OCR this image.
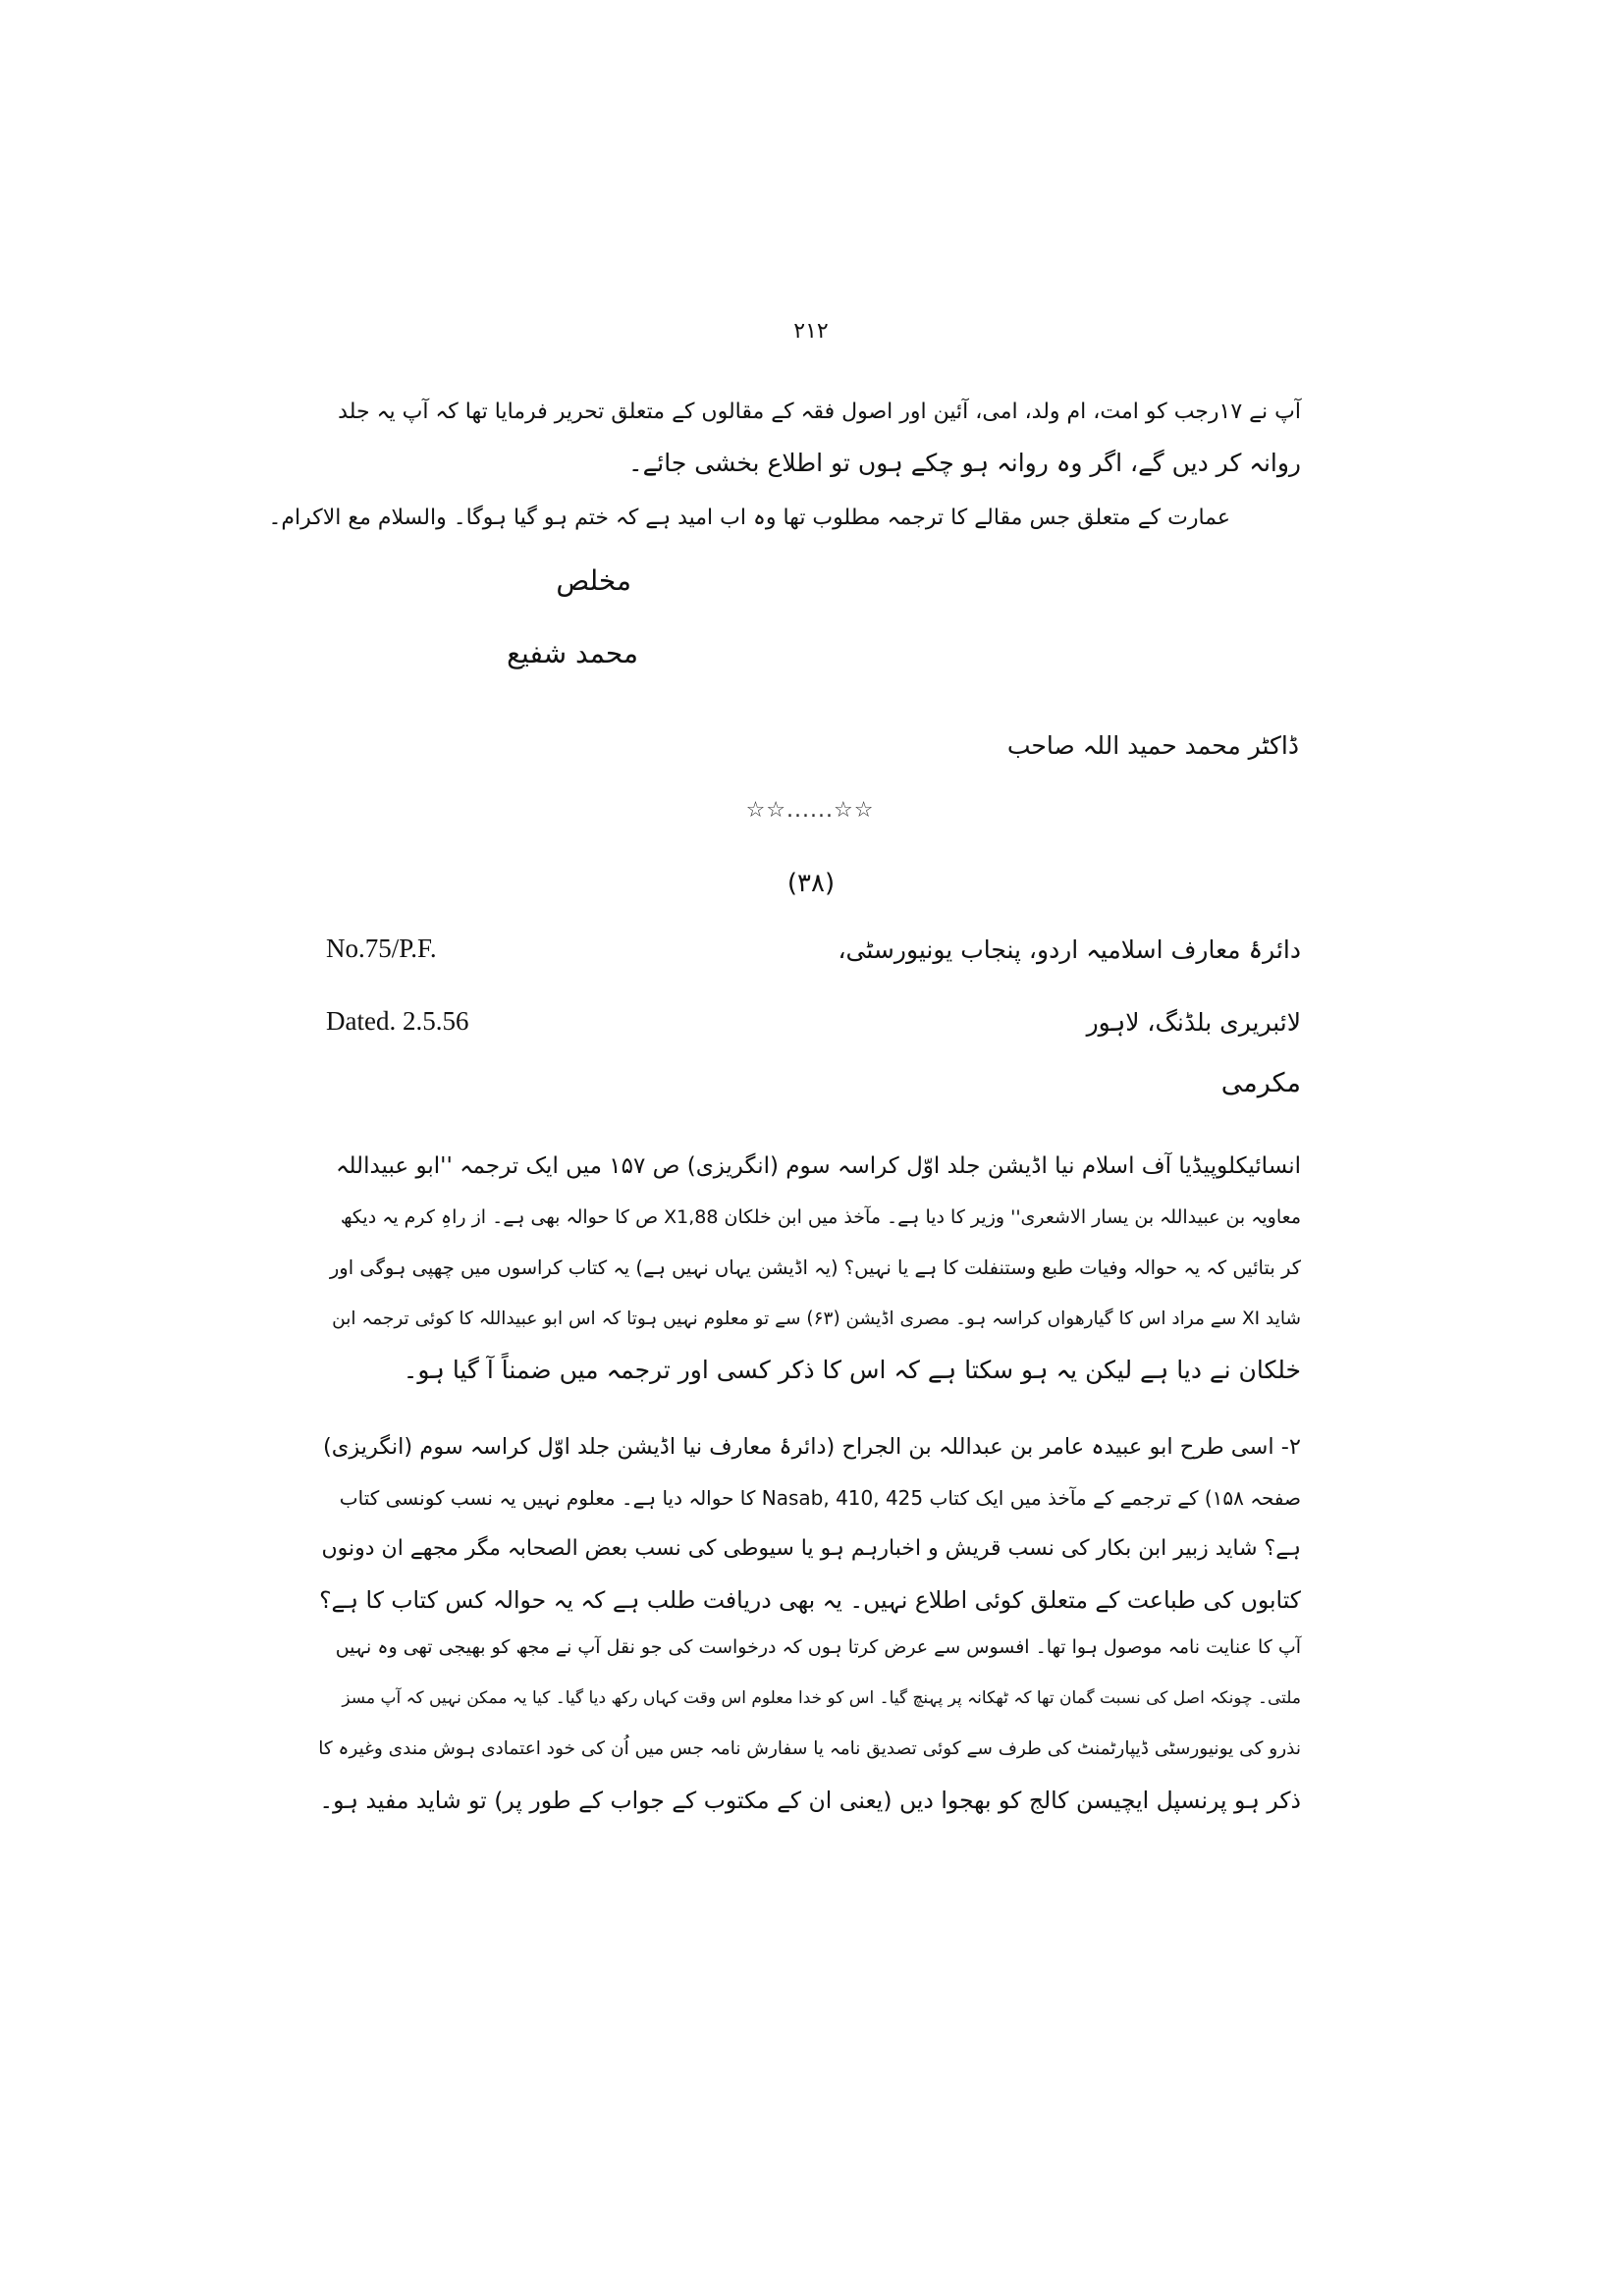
۲۱۲
آپ نے ۱۷رجب کو امت، ام ولد، امی، آئین اور اصول فقہ کے مقالوں کے متعلق تحریر فرمایا تھا کہ آپ یہ جلد
روانہ کر دیں گے، اگر وہ روانہ ہو چکے ہوں تو اطلاع بخشی جائے۔
عمارت کے متعلق جس مقالے کا ترجمہ مطلوب تھا وہ اب امید ہے کہ ختم ہو گیا ہوگا۔ والسلام مع الاکرام۔
مخلص
محمد شفیع
ڈاکٹر محمد حمید اللہ صاحب
☆☆......☆☆
(۳۸)
No.75/P.F.
Dated. 2.5.56
دائرۂ معارف اسلامیہ اردو، پنجاب یونیورسٹی،
لائبریری بلڈنگ، لاہور
مکرمی
انسائیکلوپیڈیا آف اسلام نیا اڈیشن جلد اوّل کراسہ سوم (انگریزی) ص ۱۵۷ میں ایک ترجمہ ''ابو عبیداللہ
معاویہ بن عبیداللہ بن یسار الاشعری'' وزیر کا دیا ہے۔ مآخذ میں ابن خلکان X1,88 ص کا حوالہ بھی ہے۔ از راہِ کرم یہ دیکھ
کر بتائیں کہ یہ حوالہ وفیات طبع وستنفلت کا ہے یا نہیں؟ (یہ اڈیشن یہاں نہیں ہے) یہ کتاب کراسوں میں چھپی ہوگی اور
شاید XI سے مراد اس کا گیارھواں کراسہ ہو۔ مصری اڈیشن (۶۳) سے تو معلوم نہیں ہوتا کہ اس ابو عبیداللہ کا کوئی ترجمہ ابن
خلکان نے دیا ہے لیکن یہ ہو سکتا ہے کہ اس کا ذکر کسی اور ترجمہ میں ضمناً آ گیا ہو۔
۲- اسی طرح ابو عبیدہ عامر بن عبداللہ بن الجراح (دائرۂ معارف نیا اڈیشن جلد اوّل کراسہ سوم (انگریزی)
صفحہ ۱۵۸) کے ترجمے کے مآخذ میں ایک کتاب Nasab, 410, 425 کا حوالہ دیا ہے۔ معلوم نہیں یہ نسب کونسی کتاب
ہے؟ شاید زبیر ابن بکار کی نسب قریش و اخبارہم ہو یا سیوطی کی نسب بعض الصحابہ مگر مجھے ان دونوں
کتابوں کی طباعت کے متعلق کوئی اطلاع نہیں۔ یہ بھی دریافت طلب ہے کہ یہ حوالہ کس کتاب کا ہے؟
آپ کا عنایت نامہ موصول ہوا تھا۔ افسوس سے عرض کرتا ہوں کہ درخواست کی جو نقل آپ نے مجھ کو بھیجی تھی وہ نہیں
ملتی۔ چونکہ اصل کی نسبت گمان تھا کہ ٹھکانہ پر پہنچ گیا۔ اس کو خدا معلوم اس وقت کہاں رکھ دیا گیا۔ کیا یہ ممکن نہیں کہ آپ مسز
نذرو کی یونیورسٹی ڈیپارٹمنٹ کی طرف سے کوئی تصدیق نامہ یا سفارش نامہ جس میں اُن کی خود اعتمادی ہوش مندی وغیرہ کا
ذکر ہو پرنسپل ایچیسن کالج کو بھجوا دیں (یعنی ان کے مکتوب کے جواب کے طور پر) تو شاید مفید ہو۔
